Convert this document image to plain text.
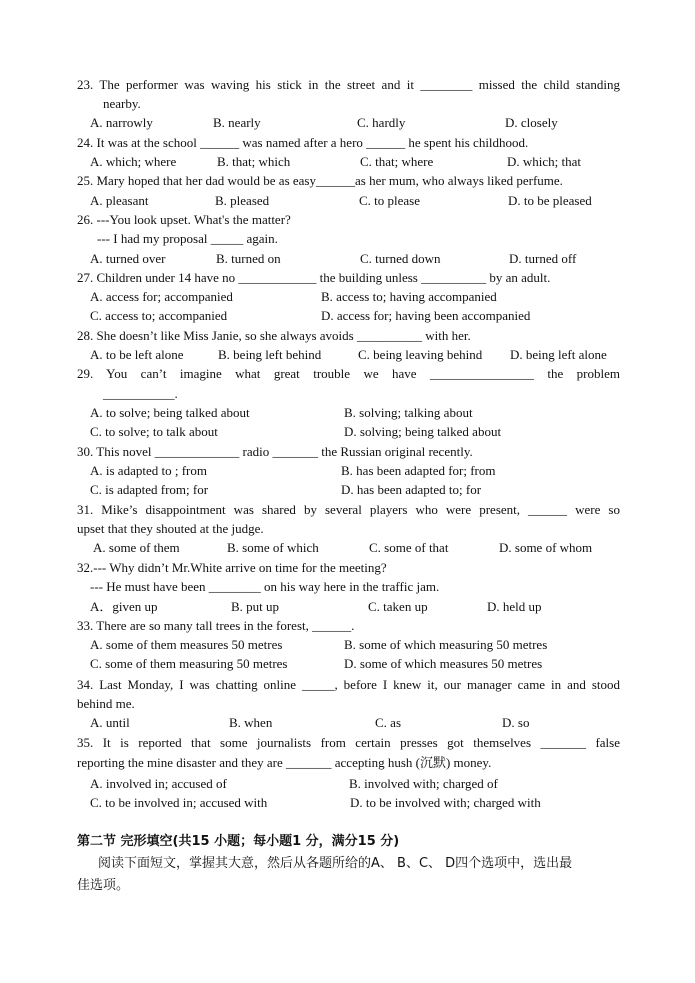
23. The performer was waving his stick in the street and it ________ missed the child standing
nearby.
A. narrowly	B. nearly	C. hardly	D. closely
24. It was at the school ______ was named after a hero ______ he spent his childhood.
A. which; where	B. that; which	C. that; where	D. which; that
25. Mary hoped that her dad would be as easy______as her mum, who always liked perfume.
A. pleasant	B. pleased	C. to please	D. to be pleased
26. ---You look upset. What's the matter?
--- I had my proposal _____ again.
A. turned over	B. turned on	C. turned down	D. turned off
27. Children under 14 have no ____________ the building unless __________ by an adult.
A. access for; accompanied	B. access to; having accompanied
C. access to; accompanied	D. access for; having been accompanied
28. She doesn’t like Miss Janie, so she always avoids __________ with her.
A. to be left alone	B. being left behind	C. being leaving behind D. being left alone
29. You can’t imagine what great trouble we have ________________ the problem
___________.
A. to solve; being talked about	B. solving; talking about
C. to solve; to talk about	D. solving; being talked about
30. This novel _____________ radio _______ the Russian original recently.
A. is adapted to ; from	B. has been adapted for; from
C. is adapted from; for	D. has been adapted to; for
31. Mike’s disappointment was shared by several players who were present, ______ were so
upset that they shouted at the judge.
A. some of them	B. some of which	C. some of that	D. some of whom
32.--- Why didn’t Mr.White arrive on time for the meeting?
--- He must have been ________ on his way here in the traffic jam.
A．given up	B. put up	C. taken up	D. held up
33. There are so many tall trees in the forest, ______.
A. some of them measures 50 metres	B. some of which measuring 50 metres
C. some of them measuring 50 metres	D. some of which measures 50 metres
34. Last Monday, I was chatting online _____, before I knew it, our manager came in and stood
behind me.
A. until	B. when	C. as	D. so
35. It is reported that some journalists from certain presses got themselves _______ false
reporting the mine disaster and they are _______ accepting hush (沉默) money.
A. involved in; accused of	B. involved with; charged of
C. to be involved in; accused with	D. to be involved with; charged with
第二节 完形填空(共15 小题；每小题1 分，满分15 分)
阅读下面短文，掌握其大意，然后从各题所给的A、 B、C、 D四个选项中，选出最
佳选项。
